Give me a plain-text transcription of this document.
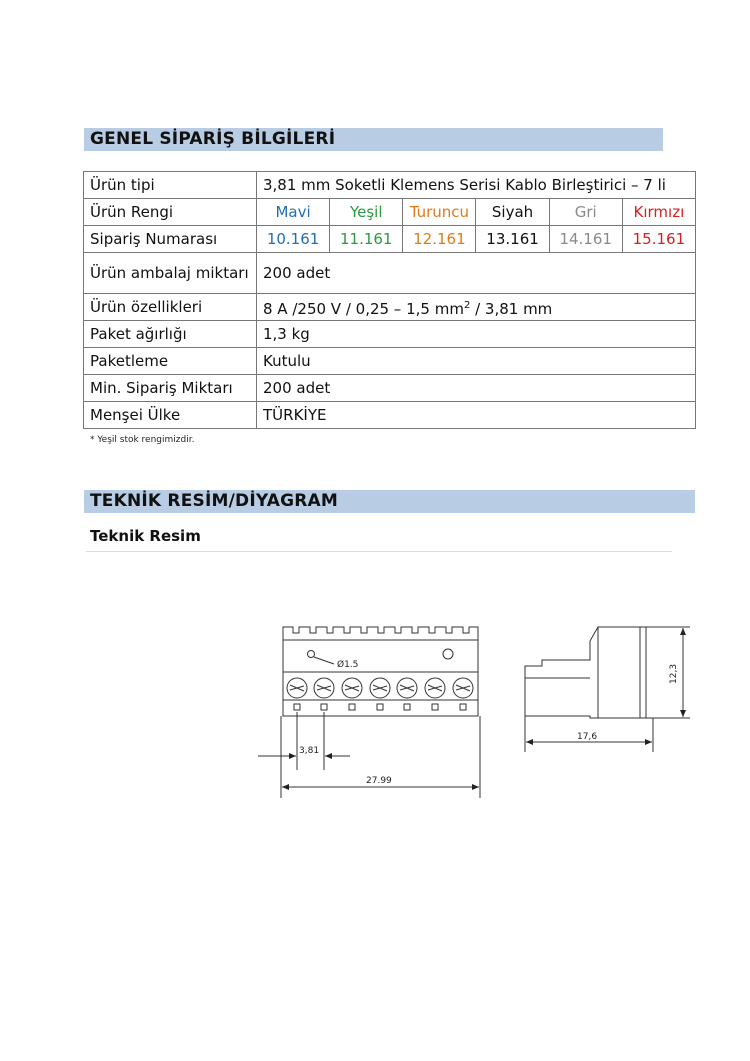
GENEL SİPARİŞ BİLGİLERİ
Ürün tipi	3,81 mm Soketli Klemens Serisi Kablo Birleştirici – 7 li					
Ürün Rengi	Mavi	Yeşil	Turuncu	Siyah	Gri	Kırmızı
Sipariş Numarası	10.161	11.161	12.161	13.161	14.161	15.161
Ürün ambalaj miktarı	200 adet					
Ürün özellikleri	8 A /250 V / 0,25 – 1,5 $mm^2 / 3,81$ mm					
Paket ağırlığı	1,3 kg					
Paketleme	Kutulu					
Min. Sipariş Miktarı	200 adet					
Menşei Ülke	TÜRKİYE					
* Yeşil stok rengimizdir.
TEKNİK RESİM/DİYAGRAM
Teknik Resim
Ø1.5
3,81
27.99
17,6
12,3
